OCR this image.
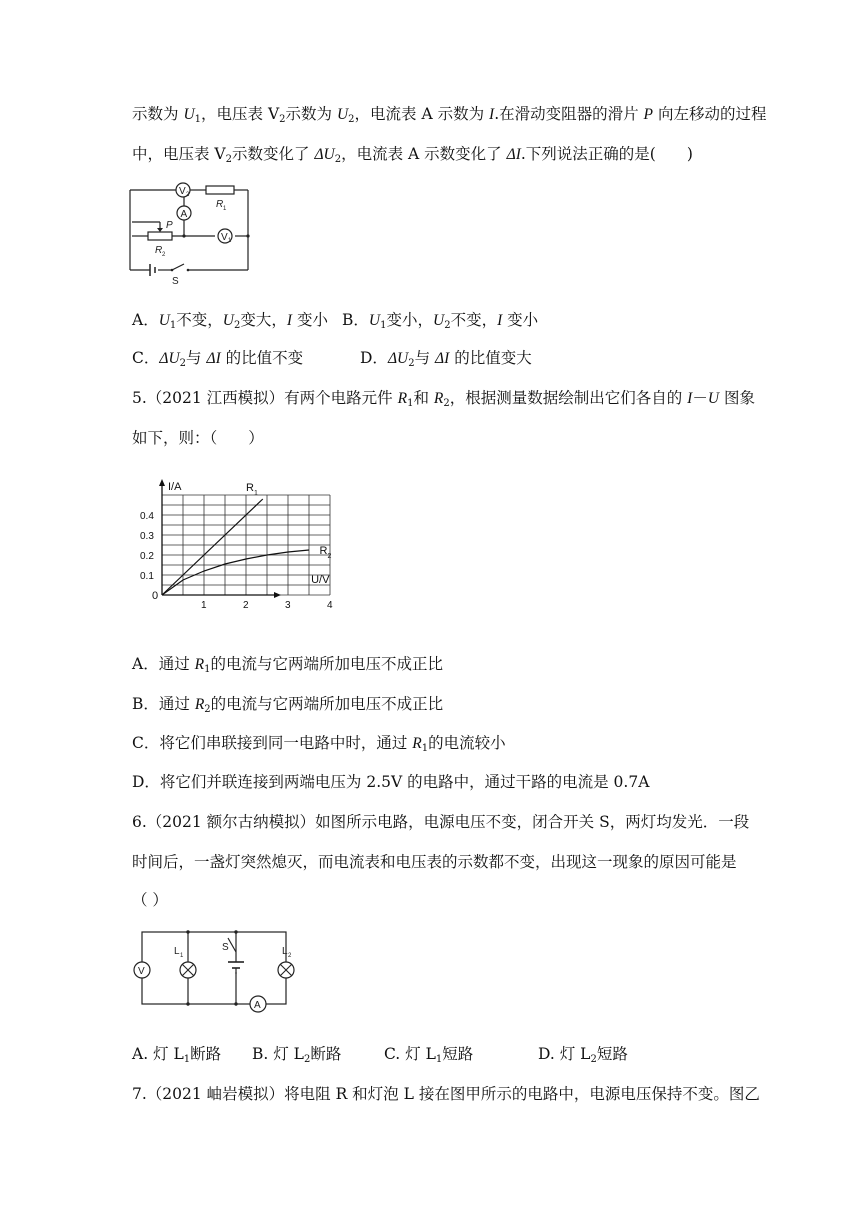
示数为 $U_1$，电压表 $V_2$示数为 $U_2$，电流表 A 示数为 I.在滑动变阻器的滑片 P 向左移动的过程
中，电压表 $V_2$示数变化了 $\Delta U_2$，电流表 A 示数变化了 ΔI.下列说法正确的是(　　)
V 2
A
V 1
R 1
P
R 2
S
A．$U_1$不变，$U_2$变大，I 变小 B．$U_1$变小，$U_2$不变，I 变小
C．$\Delta U_2$与 ΔI 的比值不变	D．$\Delta U_2$与 ΔI 的比值变大
5.（2021 江西模拟）有两个电路元件 $R_1$和 $R_2$，根据测量数据绘制出它们各自的 I－U 图象
如下，则：（　　）
I/A
U/V
0
1	2	3	4
0.1
0.2
0.3
0.4
R 1
R 2
A．通过 $R_1$的电流与它两端所加电压不成正比
B．通过 $R_2$的电流与它两端所加电压不成正比
C．将它们串联接到同一电路中时，通过 $R_1$的电流较小
D．将它们并联连接到两端电压为 2.5V 的电路中，通过干路的电流是 0.7A
6.（2021 额尔古纳模拟）如图所示电路，电源电压不变，闭合开关 S，两灯均发光．一段
时间后，一盏灯突然熄灭，而电流表和电压表的示数都不变，出现这一现象的原因可能是
（ ）
V
L 1
S	L 2
A
A. 灯 $L_1$断路 B. 灯 $L_2$断路	C. 灯 $L_1$短路	D. 灯 $L_2$短路
7.（2021 岫岩模拟）将电阻 R 和灯泡 L 接在图甲所示的电路中，电源电压保持不变。图乙
